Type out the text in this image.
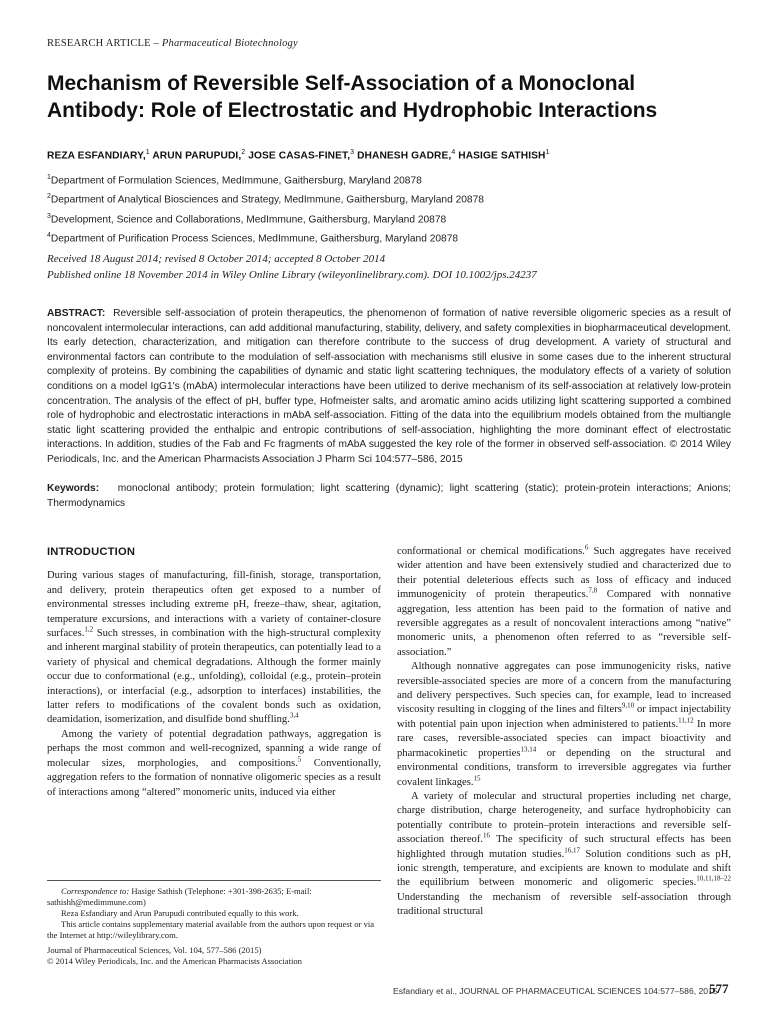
RESEARCH ARTICLE – Pharmaceutical Biotechnology
Mechanism of Reversible Self-Association of a Monoclonal Antibody: Role of Electrostatic and Hydrophobic Interactions
REZA ESFANDIARY,$^1$ ARUN PARUPUDI,$^2$ JOSE CASAS-FINET,$^3$ DHANESH GADRE,$^4$ HASIGE SATHISH$^1$
$^1$Department of Formulation Sciences, MedImmune, Gaithersburg, Maryland 20878
$^2$Department of Analytical Biosciences and Strategy, MedImmune, Gaithersburg, Maryland 20878
$^3$Development, Science and Collaborations, MedImmune, Gaithersburg, Maryland 20878
$^4$Department of Purification Process Sciences, MedImmune, Gaithersburg, Maryland 20878
Received 18 August 2014; revised 8 October 2014; accepted 8 October 2014
Published online 18 November 2014 in Wiley Online Library (wileyonlinelibrary.com). DOI 10.1002/jps.24237
ABSTRACT: Reversible self-association of protein therapeutics, the phenomenon of formation of native reversible oligomeric species as a result of noncovalent intermolecular interactions, can add additional manufacturing, stability, delivery, and safety complexities in biopharmaceutical development. Its early detection, characterization, and mitigation can therefore contribute to the success of drug development. A variety of structural and environmental factors can contribute to the modulation of self-association with mechanisms still elusive in some cases due to the inherent structural complexity of proteins. By combining the capabilities of dynamic and static light scattering techniques, the modulatory effects of a variety of solution conditions on a model IgG1's (mAbA) intermolecular interactions have been utilized to derive mechanism of its self-association at relatively low-protein concentration. The analysis of the effect of pH, buffer type, Hofmeister salts, and aromatic amino acids utilizing light scattering supported a combined role of hydrophobic and electrostatic interactions in mAbA self-association. Fitting of the data into the equilibrium models obtained from the multiangle static light scattering provided the enthalpic and entropic contributions of self-association, highlighting the more dominant effect of electrostatic interactions. In addition, studies of the Fab and Fc fragments of mAbA suggested the key role of the former in observed self-association. © 2014 Wiley Periodicals, Inc. and the American Pharmacists Association J Pharm Sci 104:577–586, 2015
Keywords: monoclonal antibody; protein formulation; light scattering (dynamic); light scattering (static); protein-protein interactions; Anions; Thermodynamics
INTRODUCTION

During various stages of manufacturing, fill-finish, storage, transportation, and delivery, protein therapeutics often get exposed to a number of environmental stresses including extreme pH, freeze–thaw, shear, agitation, temperature excursions, and interactions with a variety of container-closure surfaces.$^{1,2}$ Such stresses, in combination with the high-structural complexity and inherent marginal stability of protein therapeutics, can potentially lead to a variety of physical and chemical degradations. Although the former mainly occur due to conformational (e.g., unfolding), colloidal (e.g., protein–protein interactions), or interfacial (e.g., adsorption to interfaces) instabilities, the latter refers to modifications of the covalent bonds such as oxidation, deamidation, isomerization, and disulfide bond shuffling.$^{3,4}$

Among the variety of potential degradation pathways, aggregation is perhaps the most common and well-recognized, spanning a wide range of molecular sizes, morphologies, and compositions.$^5$ Conventionally, aggregation refers to the formation of nonnative oligomeric species as a result of interactions among “altered” monomeric units, induced via either

conformational or chemical modifications.$^6$ Such aggregates have received wider attention and have been extensively studied and characterized due to their potential deleterious effects such as loss of efficacy and induced immunogenicity of protein therapeutics.$^{7,8}$ Compared with nonnative aggregation, less attention has been paid to the formation of native and reversible aggregates as a result of noncovalent interactions among “native” monomeric units, a phenomenon often referred to as “reversible self-association.”

Although nonnative aggregates can pose immunogenicity risks, native reversible-associated species are more of a concern from the manufacturing and delivery perspectives. Such species can, for example, lead to increased viscosity resulting in clogging of the lines and filters$^{9,10}$ or impact injectability with potential pain upon injection when administered to patients.$^{11,12}$ In more rare cases, reversible-associated species can impact bioactivity and pharmacokinetic properties$^{13,14}$ or depending on the structural and environmental conditions, transform to irreversible aggregates via further covalent linkages.$^{15}$

A variety of molecular and structural properties including net charge, charge distribution, charge heterogeneity, and surface hydrophobicity can potentially contribute to protein–protein interactions and reversible self-association thereof.$^{16}$ The specificity of such structural effects has been highlighted through mutation studies.$^{16,17}$ Solution conditions such as pH, ionic strength, temperature, and excipients are known to modulate and shift the equilibrium between monomeric and oligomeric species.$^{10,11,18-22}$ Understanding the mechanism of reversible self-association through traditional structural

Correspondence to: Hasige Sathish (Telephone: +301-398-2635; E-mail: sathishh@medimmune.com)

Reza Esfandiary and Arun Parupudi contributed equally to this work.

This article contains supplementary material available from the authors upon request or via the Internet at http://wileylibrary.com.

Journal of Pharmaceutical Sciences, Vol. 104, 577–586 (2015)

© 2014 Wiley Periodicals, Inc. and the American Pharmacists Association

Esfandiary et al., JOURNAL OF PHARMACEUTICAL SCIENCES 104:577–586, 2015
577
